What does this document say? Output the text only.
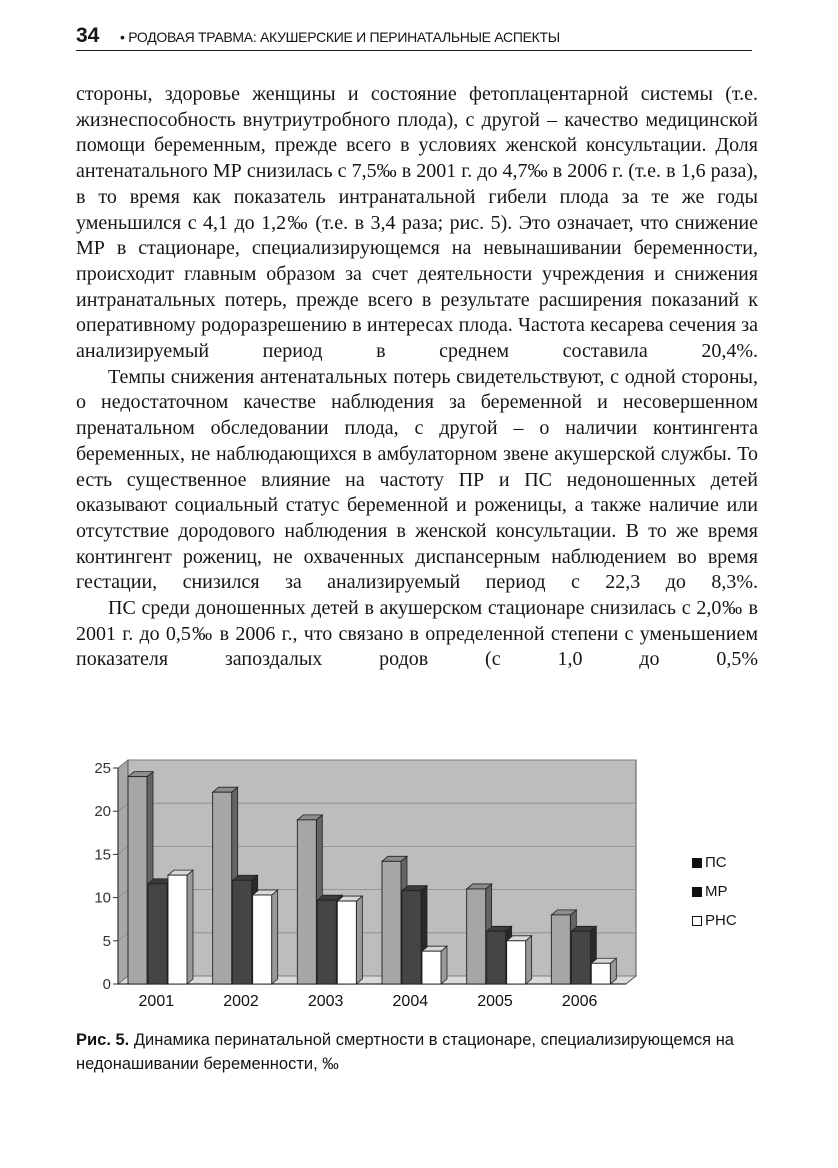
34 • РОДОВАЯ ТРАВМА: АКУШЕРСКИЕ И ПЕРИНАТАЛЬНЫЕ АСПЕКТЫ

стороны, здоровье женщины и состояние фетоплацентарной системы (т.е. жизнеспособность внутриутробного плода), с другой – качество медицинской помощи беременным, прежде всего в условиях женской консультации. Доля антенатального МР снизилась с 7,5‰ в 2001 г. до 4,7‰ в 2006 г. (т.е. в 1,6 раза), в то время как показатель интранатальной гибели плода за те же годы уменьшился с 4,1 до 1,2‰ (т.е. в 3,4 раза; рис. 5). Это означает, что снижение МР в стационаре, специализирующемся на невынашивании беременности, происходит главным образом за счет деятельности учреждения и снижения интранатальных потерь, прежде всего в результате расширения показаний к оперативному родоразрешению в интересах плода. Частота кесарева сечения за анализируемый период в среднем составила 20,4%.

Темпы снижения антенатальных потерь свидетельствуют, с одной стороны, о недостаточном качестве наблюдения за беременной и несовершенном пренатальном обследовании плода, с другой – о наличии контингента беременных, не наблюдающихся в амбулаторном звене акушерской службы. То есть существенное влияние на частоту ПР и ПС недоношенных детей оказывают социальный статус беременной и роженицы, а также наличие или отсутствие дородового наблюдения в женской консультации. В то же время контингент рожениц, не охваченных диспансерным наблюдением во время гестации, снизился за анализируемый период с 22,3 до 8,3%.

ПС среди доношенных детей в акушерском стационаре снизилась с 2,0‰ в 2001 г. до 0,5‰ в 2006 г., что связано в определенной степени с уменьшением показателя запоздалых родов (с 1,0 до 0,5%

0
5
10
15
20
25
2001	2002	2003	2004	2005	2006
ПС
МР
РНС
Рис. 5. Динамика перинатальной смертности в стационаре, специализирующемся на недонашивании беременности, ‰
